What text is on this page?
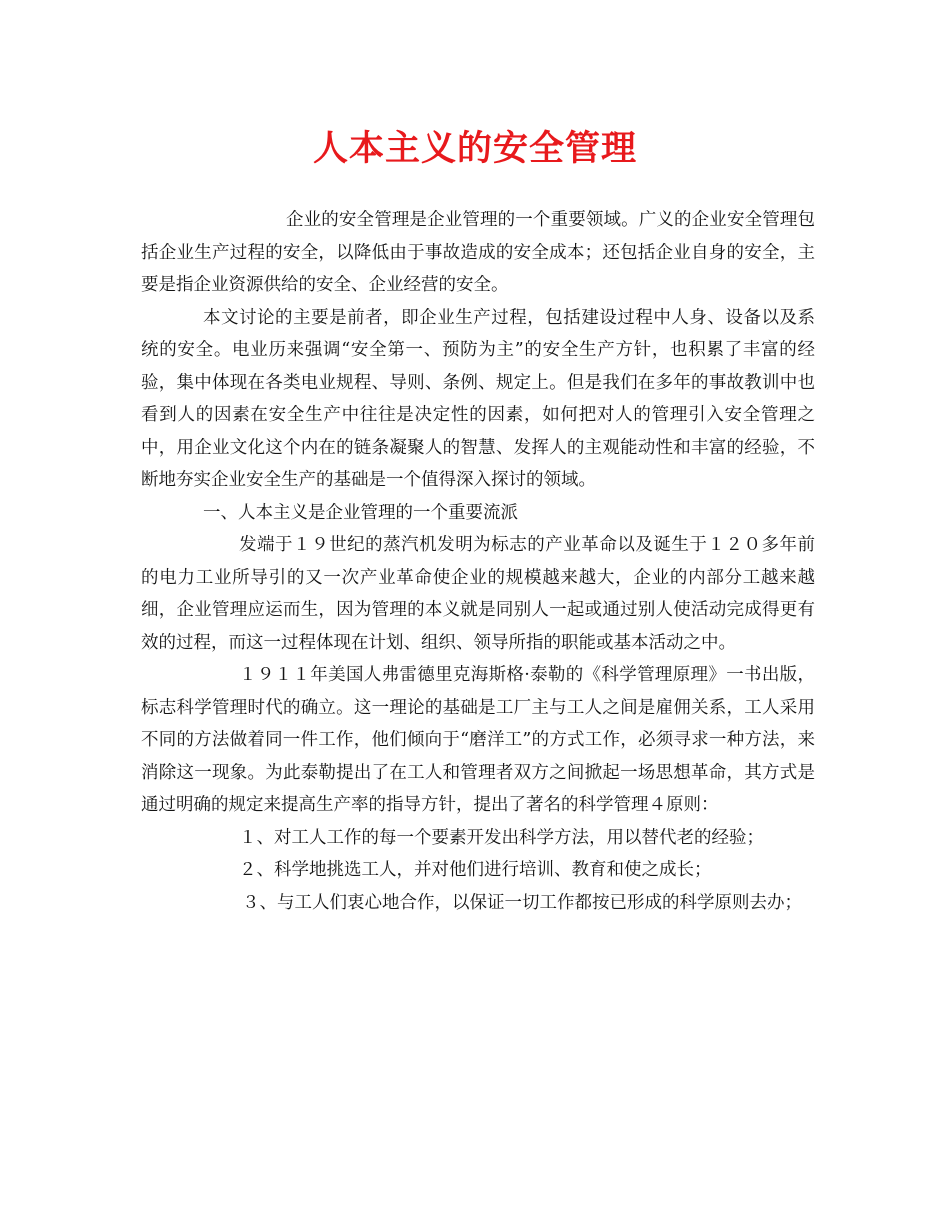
人本主义的安全管理

企业的安全管理是企业管理的一个重要领域。广义的企业安全管理包括企业生产过程的安全，以降低由于事故造成的安全成本；还包括企业自身的安全，主要是指企业资源供给的安全、企业经营的安全。

本文讨论的主要是前者，即企业生产过程，包括建设过程中人身、设备以及系统的安全。电业历来强调“安全第一、预防为主”的安全生产方针，也积累了丰富的经验，集中体现在各类电业规程、导则、条例、规定上。但是我们在多年的事故教训中也看到人的因素在安全生产中往往是决定性的因素，如何把对人的管理引入安全管理之中，用企业文化这个内在的链条凝聚人的智慧、发挥人的主观能动性和丰富的经验，不断地夯实企业安全生产的基础是一个值得深入探讨的领域。

一、人本主义是企业管理的一个重要流派

发端于１９世纪的蒸汽机发明为标志的产业革命以及诞生于１２０多年前的电力工业所导引的又一次产业革命使企业的规模越来越大，企业的内部分工越来越细，企业管理应运而生，因为管理的本义就是同别人一起或通过别人使活动完成得更有效的过程，而这一过程体现在计划、组织、领导所指的职能或基本活动之中。

１９１１年美国人弗雷德里克海斯格·泰勒的《科学管理原理》一书出版，标志科学管理时代的确立。这一理论的基础是工厂主与工人之间是雇佣关系，工人采用不同的方法做着同一件工作，他们倾向于“磨洋工”的方式工作，必须寻求一种方法，来消除这一现象。为此泰勒提出了在工人和管理者双方之间掀起一场思想革命，其方式是通过明确的规定来提高生产率的指导方针，提出了著名的科学管理４原则：

１、对工人工作的每一个要素开发出科学方法，用以替代老的经验；

２、科学地挑选工人，并对他们进行培训、教育和使之成长；

３、与工人们衷心地合作，以保证一切工作都按已形成的科学原则去办；
